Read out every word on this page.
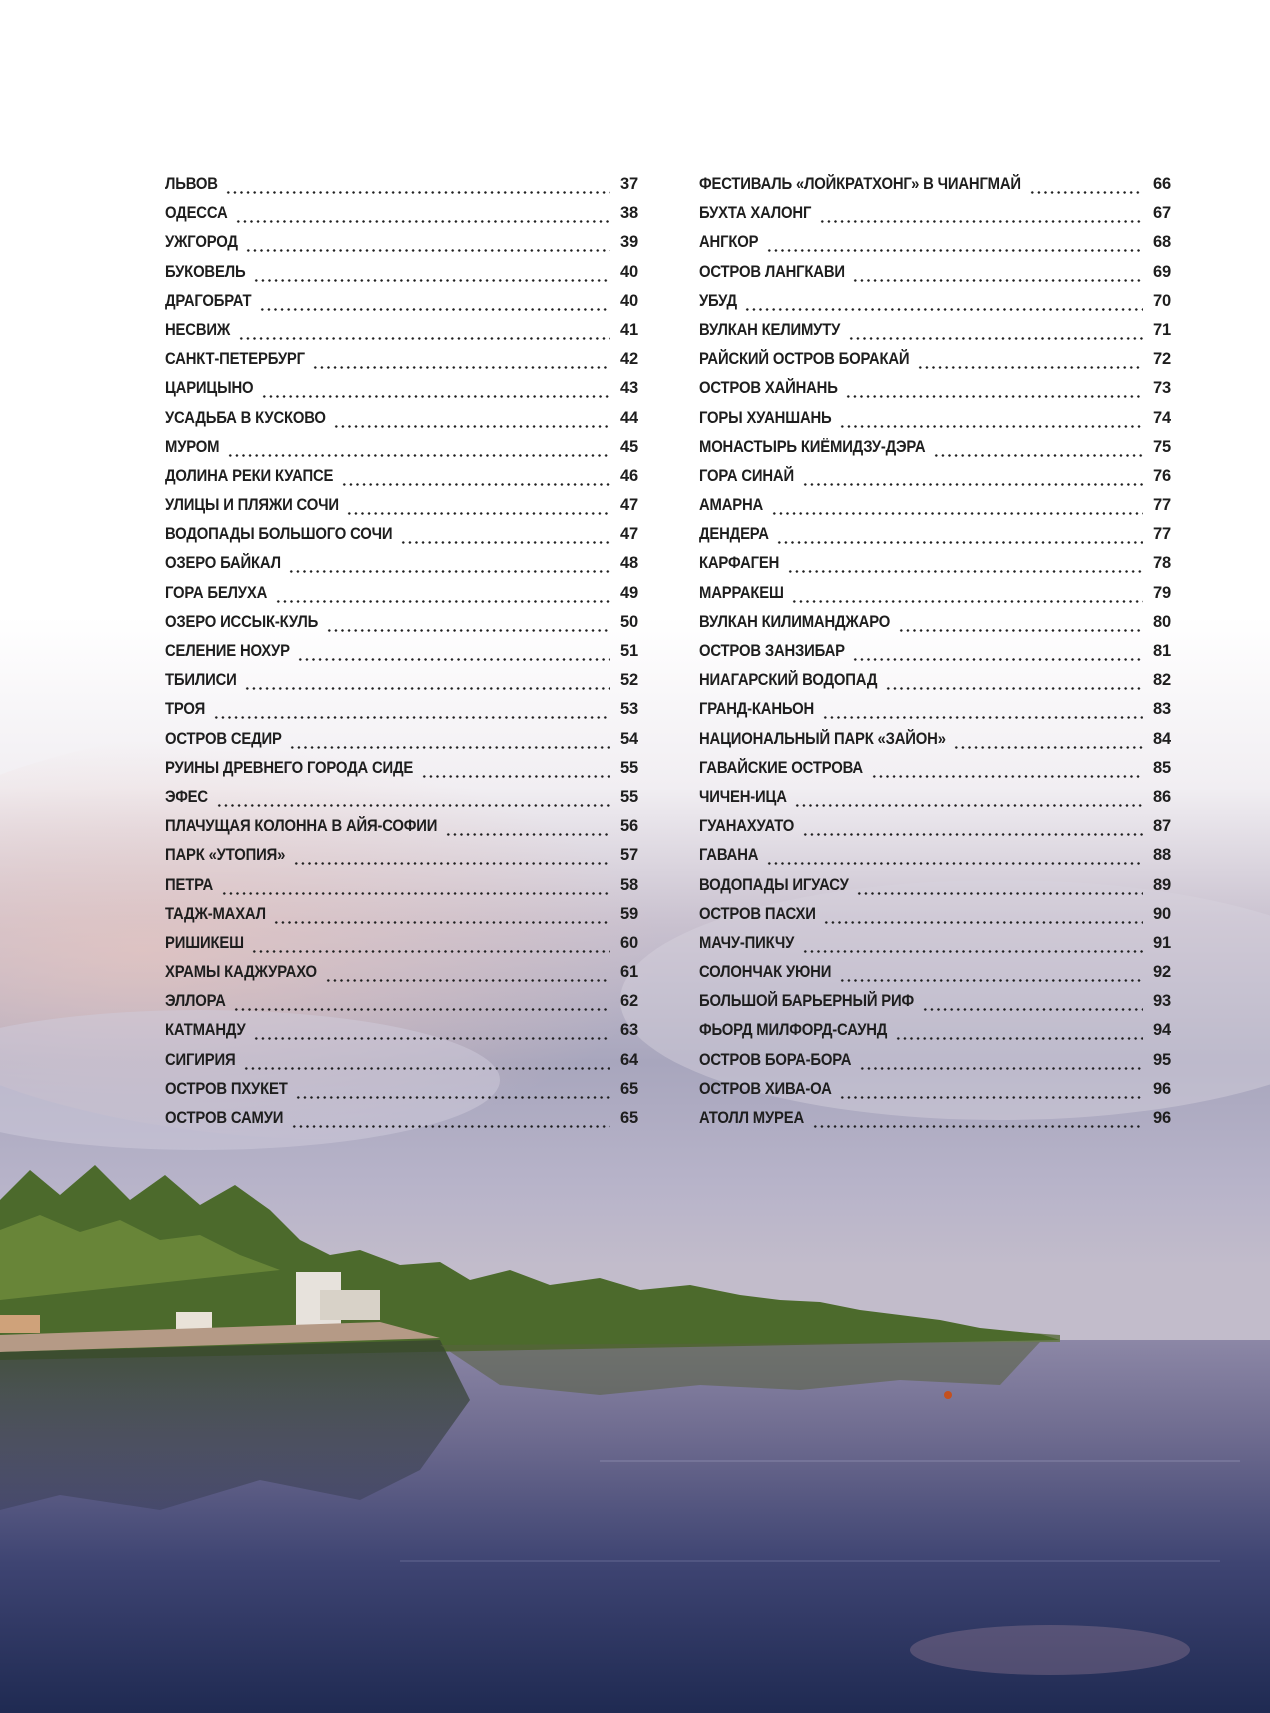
ЛЬВОВ	37
ОДЕССА	38
УЖГОРОД	39
БУКОВЕЛЬ	40
ДРАГОБРАТ	40
НЕСВИЖ	41
САНКТ-ПЕТЕРБУРГ	42
ЦАРИЦЫНО	43
УСАДЬБА В КУСКОВО	44
МУРОМ	45
ДОЛИНА РЕКИ КУАПСЕ	46
УЛИЦЫ И ПЛЯЖИ СОЧИ	47
ВОДОПАДЫ БОЛЬШОГО СОЧИ	47
ОЗЕРО БАЙКАЛ	48
ГОРА БЕЛУХА	49
ОЗЕРО ИССЫК-КУЛЬ	50
СЕЛЕНИЕ НОХУР	51
ТБИЛИСИ	52
ТРОЯ	53
ОСТРОВ СЕДИР	54
РУИНЫ ДРЕВНЕГО ГОРОДА СИДЕ	55
ЭФЕС	55
ПЛАЧУЩАЯ КОЛОННА В АЙЯ-СОФИИ	56
ПАРК «УТОПИЯ»	57
ПЕТРА	58
ТАДЖ-МАХАЛ	59
РИШИКЕШ	60
ХРАМЫ КАДЖУРАХО	61
ЭЛЛОРА	62
КАТМАНДУ	63
СИГИРИЯ	64
ОСТРОВ ПХУКЕТ	65
ОСТРОВ САМУИ	65
ФЕСТИВАЛЬ «ЛОЙКРАТХОНГ» В ЧИАНГМАЙ	66
БУХТА ХАЛОНГ	67
АНГКОР	68
ОСТРОВ ЛАНГКАВИ	69
УБУД	70
ВУЛКАН КЕЛИМУТУ	71
РАЙСКИЙ ОСТРОВ БОРАКАЙ	72
ОСТРОВ ХАЙНАНЬ	73
ГОРЫ ХУАНШАНЬ	74
МОНАСТЫРЬ КИЁМИДЗУ-ДЭРА	75
ГОРА СИНАЙ	76
АМАРНА	77
ДЕНДЕРА	77
КАРФАГЕН	78
МАРРАКЕШ	79
ВУЛКАН КИЛИМАНДЖАРО	80
ОСТРОВ ЗАНЗИБАР	81
НИАГАРСКИЙ ВОДОПАД	82
ГРАНД-КАНЬОН	83
НАЦИОНАЛЬНЫЙ ПАРК «ЗАЙОН»	84
ГАВАЙСКИЕ ОСТРОВА	85
ЧИЧЕН-ИЦА	86
ГУАНАХУАТО	87
ГАВАНА	88
ВОДОПАДЫ ИГУАСУ	89
ОСТРОВ ПАСХИ	90
МАЧУ-ПИКЧУ	91
СОЛОНЧАК УЮНИ	92
БОЛЬШОЙ БАРЬЕРНЫЙ РИФ	93
ФЬОРД МИЛФОРД-САУНД	94
ОСТРОВ БОРА-БОРА	95
ОСТРОВ ХИВА-ОА	96
АТОЛЛ МУРЕА	96
